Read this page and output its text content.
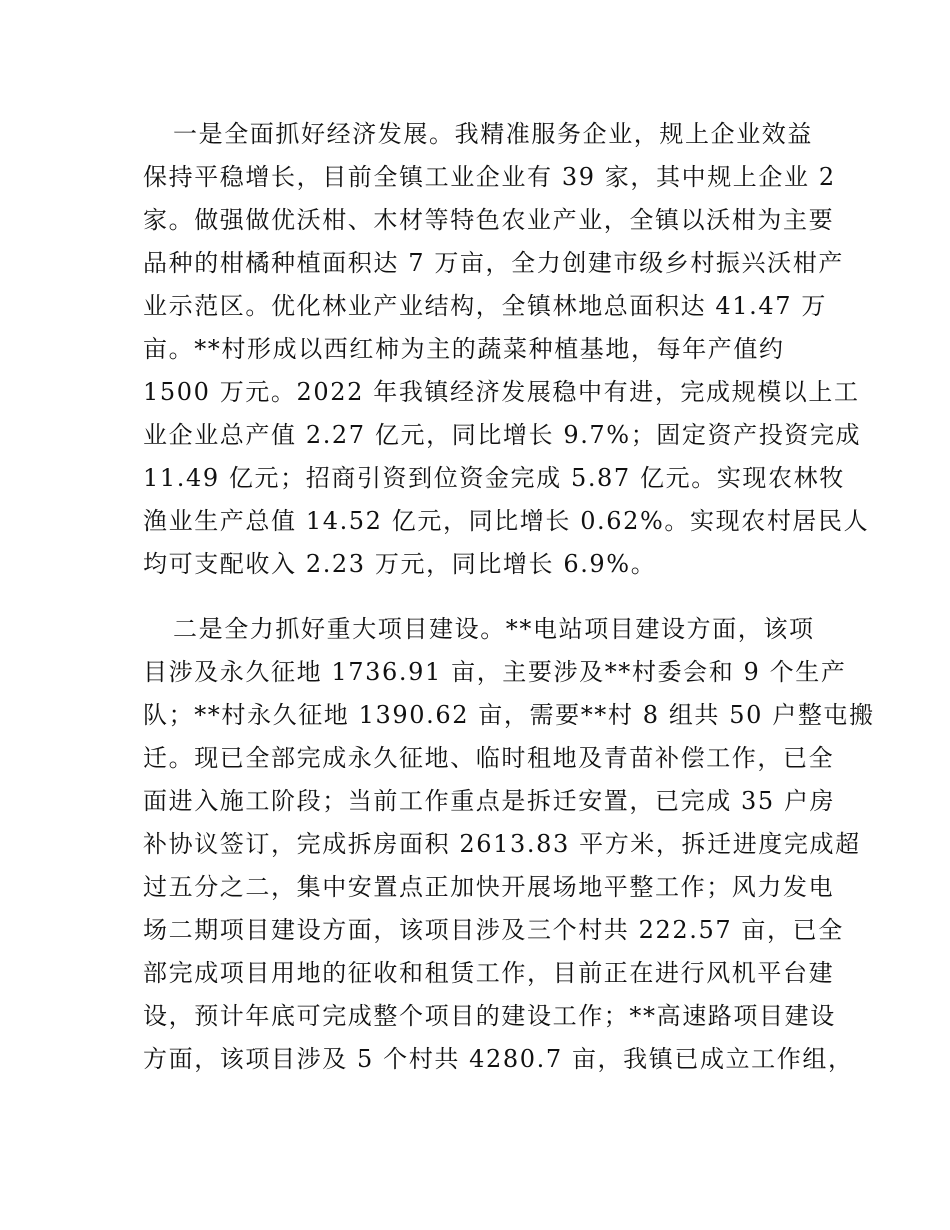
一是全面抓好经济发展。我精准服务企业，规上企业效益
保持平稳增长，目前全镇工业企业有 39 家，其中规上企业 2
家。做强做优沃柑、木材等特色农业产业，全镇以沃柑为主要
品种的柑橘种植面积达 7 万亩，全力创建市级乡村振兴沃柑产
业示范区。优化林业产业结构，全镇林地总面积达 41.47 万
亩。**村形成以西红柿为主的蔬菜种植基地，每年产值约
1500 万元。2022 年我镇经济发展稳中有进，完成规模以上工
业企业总产值 2.27 亿元，同比增长 9.7%；固定资产投资完成
11.49 亿元；招商引资到位资金完成 5.87 亿元。实现农林牧
渔业生产总值 14.52 亿元，同比增长 0.62%。实现农村居民人
均可支配收入 2.23 万元，同比增长 6.9%。
二是全力抓好重大项目建设。**电站项目建设方面，该项
目涉及永久征地 1736.91 亩，主要涉及**村委会和 9 个生产
队；**村永久征地 1390.62 亩，需要**村 8 组共 50 户整屯搬
迁。现已全部完成永久征地、临时租地及青苗补偿工作，已全
面进入施工阶段；当前工作重点是拆迁安置，已完成 35 户房
补协议签订，完成拆房面积 2613.83 平方米，拆迁进度完成超
过五分之二，集中安置点正加快开展场地平整工作；风力发电
场二期项目建设方面，该项目涉及三个村共 222.57 亩，已全
部完成项目用地的征收和租赁工作，目前正在进行风机平台建
设，预计年底可完成整个项目的建设工作；**高速路项目建设
方面，该项目涉及 5 个村共 4280.7 亩，我镇已成立工作组，
